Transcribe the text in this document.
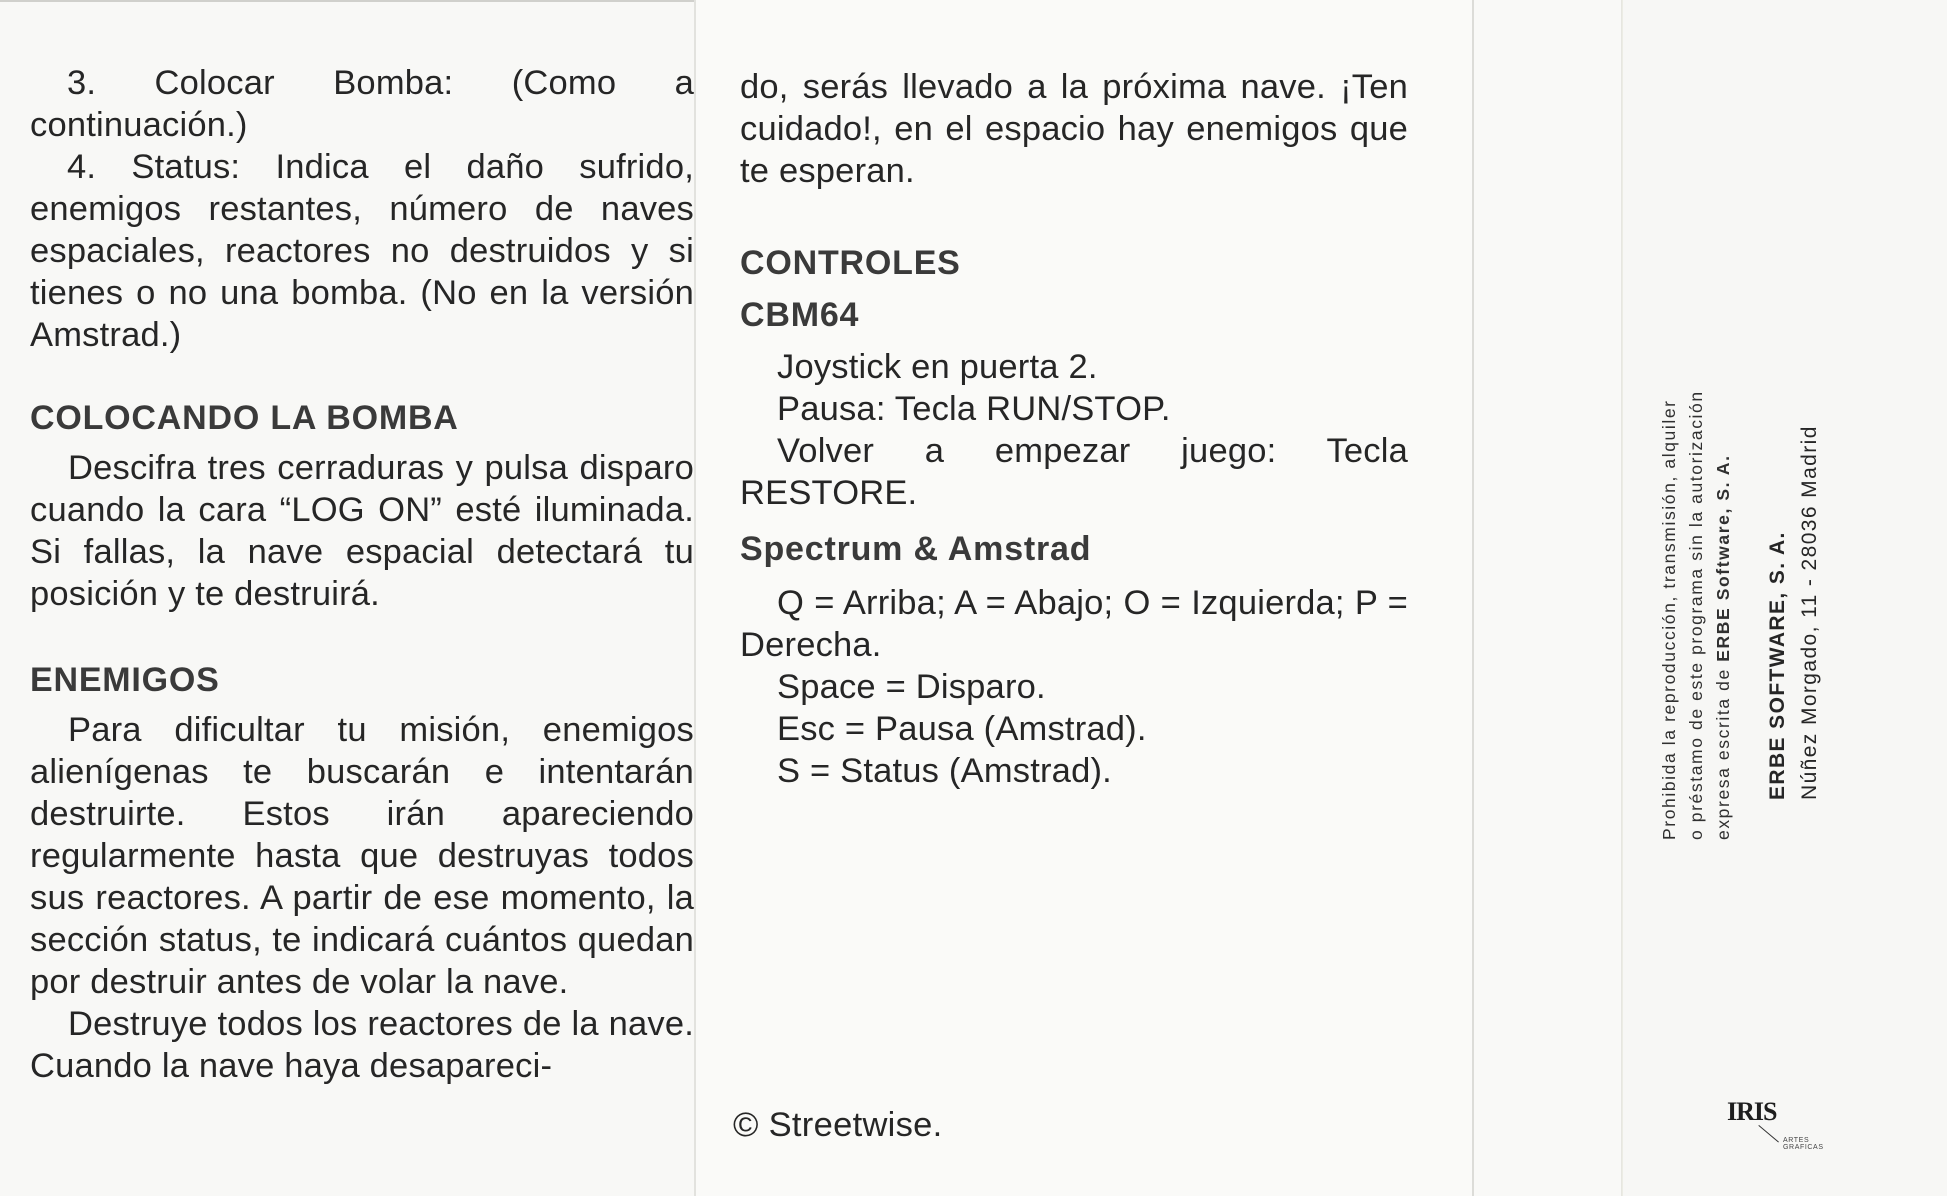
3. Colocar Bomba: (Como a continuación.)

4. Status: Indica el daño sufrido, enemigos restantes, número de naves espaciales, reactores no destruidos y si tienes o no una bomba. (No en la versión Amstrad.)

COLOCANDO LA BOMBA

Descifra tres cerraduras y pulsa disparo cuando la cara “LOG ON” esté iluminada. Si fallas, la nave espacial detectará tu posición y te destruirá.

ENEMIGOS

Para dificultar tu misión, enemigos alienígenas te buscarán e intentarán destruirte. Estos irán apareciendo regularmente hasta que destruyas todos sus reactores. A partir de ese momento, la sección status, te indicará cuántos quedan por destruir antes de volar la nave.

Destruye todos los reactores de la nave. Cuando la nave haya desapareci-

do, serás llevado a la próxima nave. ¡Ten cuidado!, en el espacio hay enemigos que te esperan.

CONTROLES
CBM64

Joystick en puerta 2.

Pausa: Tecla RUN/STOP.

Volver a empezar juego: Tecla RESTORE.

Spectrum & Amstrad

Q = Arriba; A = Abajo; O = Izquierda; P = Derecha.

Space = Disparo.

Esc = Pausa (Amstrad).

S = Status (Amstrad).

© Streetwise.
Prohibida la reproducción, transmisión, alquiler o préstamo de este programa sin la autorización expresa escrita de ERBE Software, S. A. ERBE SOFTWARE, S. A. Núñez Morgado, 11 - 28036 Madrid
IRIS
ARTES GRAFICAS
